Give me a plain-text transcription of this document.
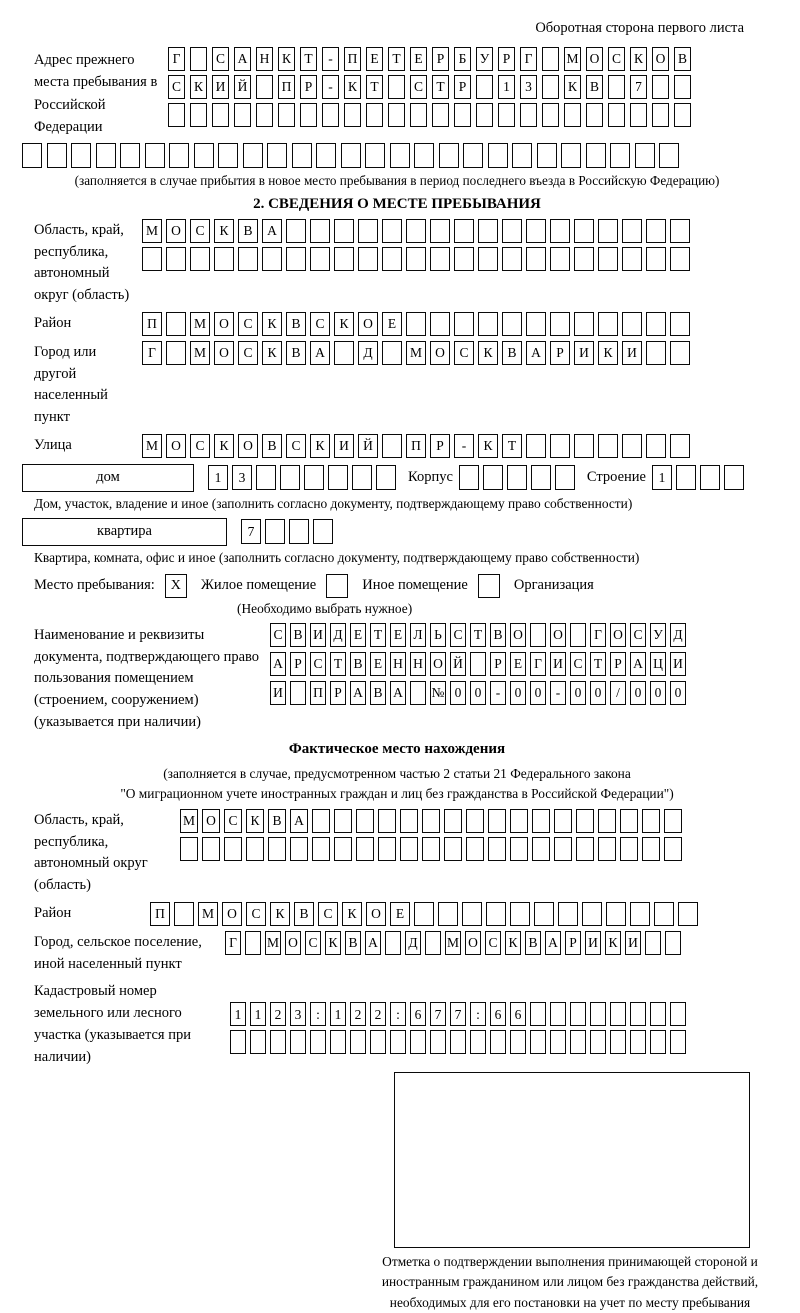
Оборотная сторона первого листа
Адрес прежнего места пребывания в Российской Федерации
Г	С А Н К Т	-	П Е	Т	Е	Р	Б У Р	Г	М О С К О В
С К И Й	П Р	-	К Т	С Т	Р	1	3	К В	7
(заполняется в случае прибытия в новое место пребывания в период последнего въезда в Российскую Федерацию)
2. СВЕДЕНИЯ О МЕСТЕ ПРЕБЫВАНИЯ
Область, край, республика, автономный округ (область)
М О	С	К	В	А
Район	П	М О	С	К	В	С	К	О	Е
Город или другой населенный пункт
Г	М О	С	К	В	А	Д	М О	С	К	В	А	Р	И	К	И
Улица	М О	С	К	О	В	С	К	И	Й	П	Р	-	К	Т
дом	1	3	Корпус	Строение 1
Дом, участок, владение и иное (заполнить согласно документу, подтверждающему право собственности)
квартира	7
Квартира, комната, офис и иное (заполнить согласно документу, подтверждающему право собственности)
Место пребывания:	X	Жилое помещение	Иное помещение	Организация
(Необходимо выбрать нужное)
Наименование и реквизиты документа, подтверждающего право пользования помещением (строением, сооружением) (указывается при наличии)
С В И Д Е Т Е Л Ь С Т В О О	Г О С У Д
А Р С Т В Е Н Н О Й	Р Е Г И С Т Р А Ц И
И П Р А В А № 0 0	-	0 0	-	0 0	/	0 0 0
Фактическое место нахождения
(заполняется в случае, предусмотренном частью 2 статьи 21 Федерального закона
"О миграционном учете иностранных граждан и лиц без гражданства в Российской Федерации")
Область, край, республика, автономный округ (область)
М О С К В А
Район	П	М О	С	К	В	С	К	О	Е
Город, сельское поселение, иной населенный пункт
Г	М О С К В А Д М О С К В А Р И К И
Кадастровый номер земельного или лесного участка (указывается при наличии)
1 1 2 3	:	1 2 2	:	6 7 7	:	6 6
Отметка о подтверждении выполнения принимающей стороной и иностранным гражданином или лицом без гражданства действий, необходимых для его постановки на учет по месту пребывания
